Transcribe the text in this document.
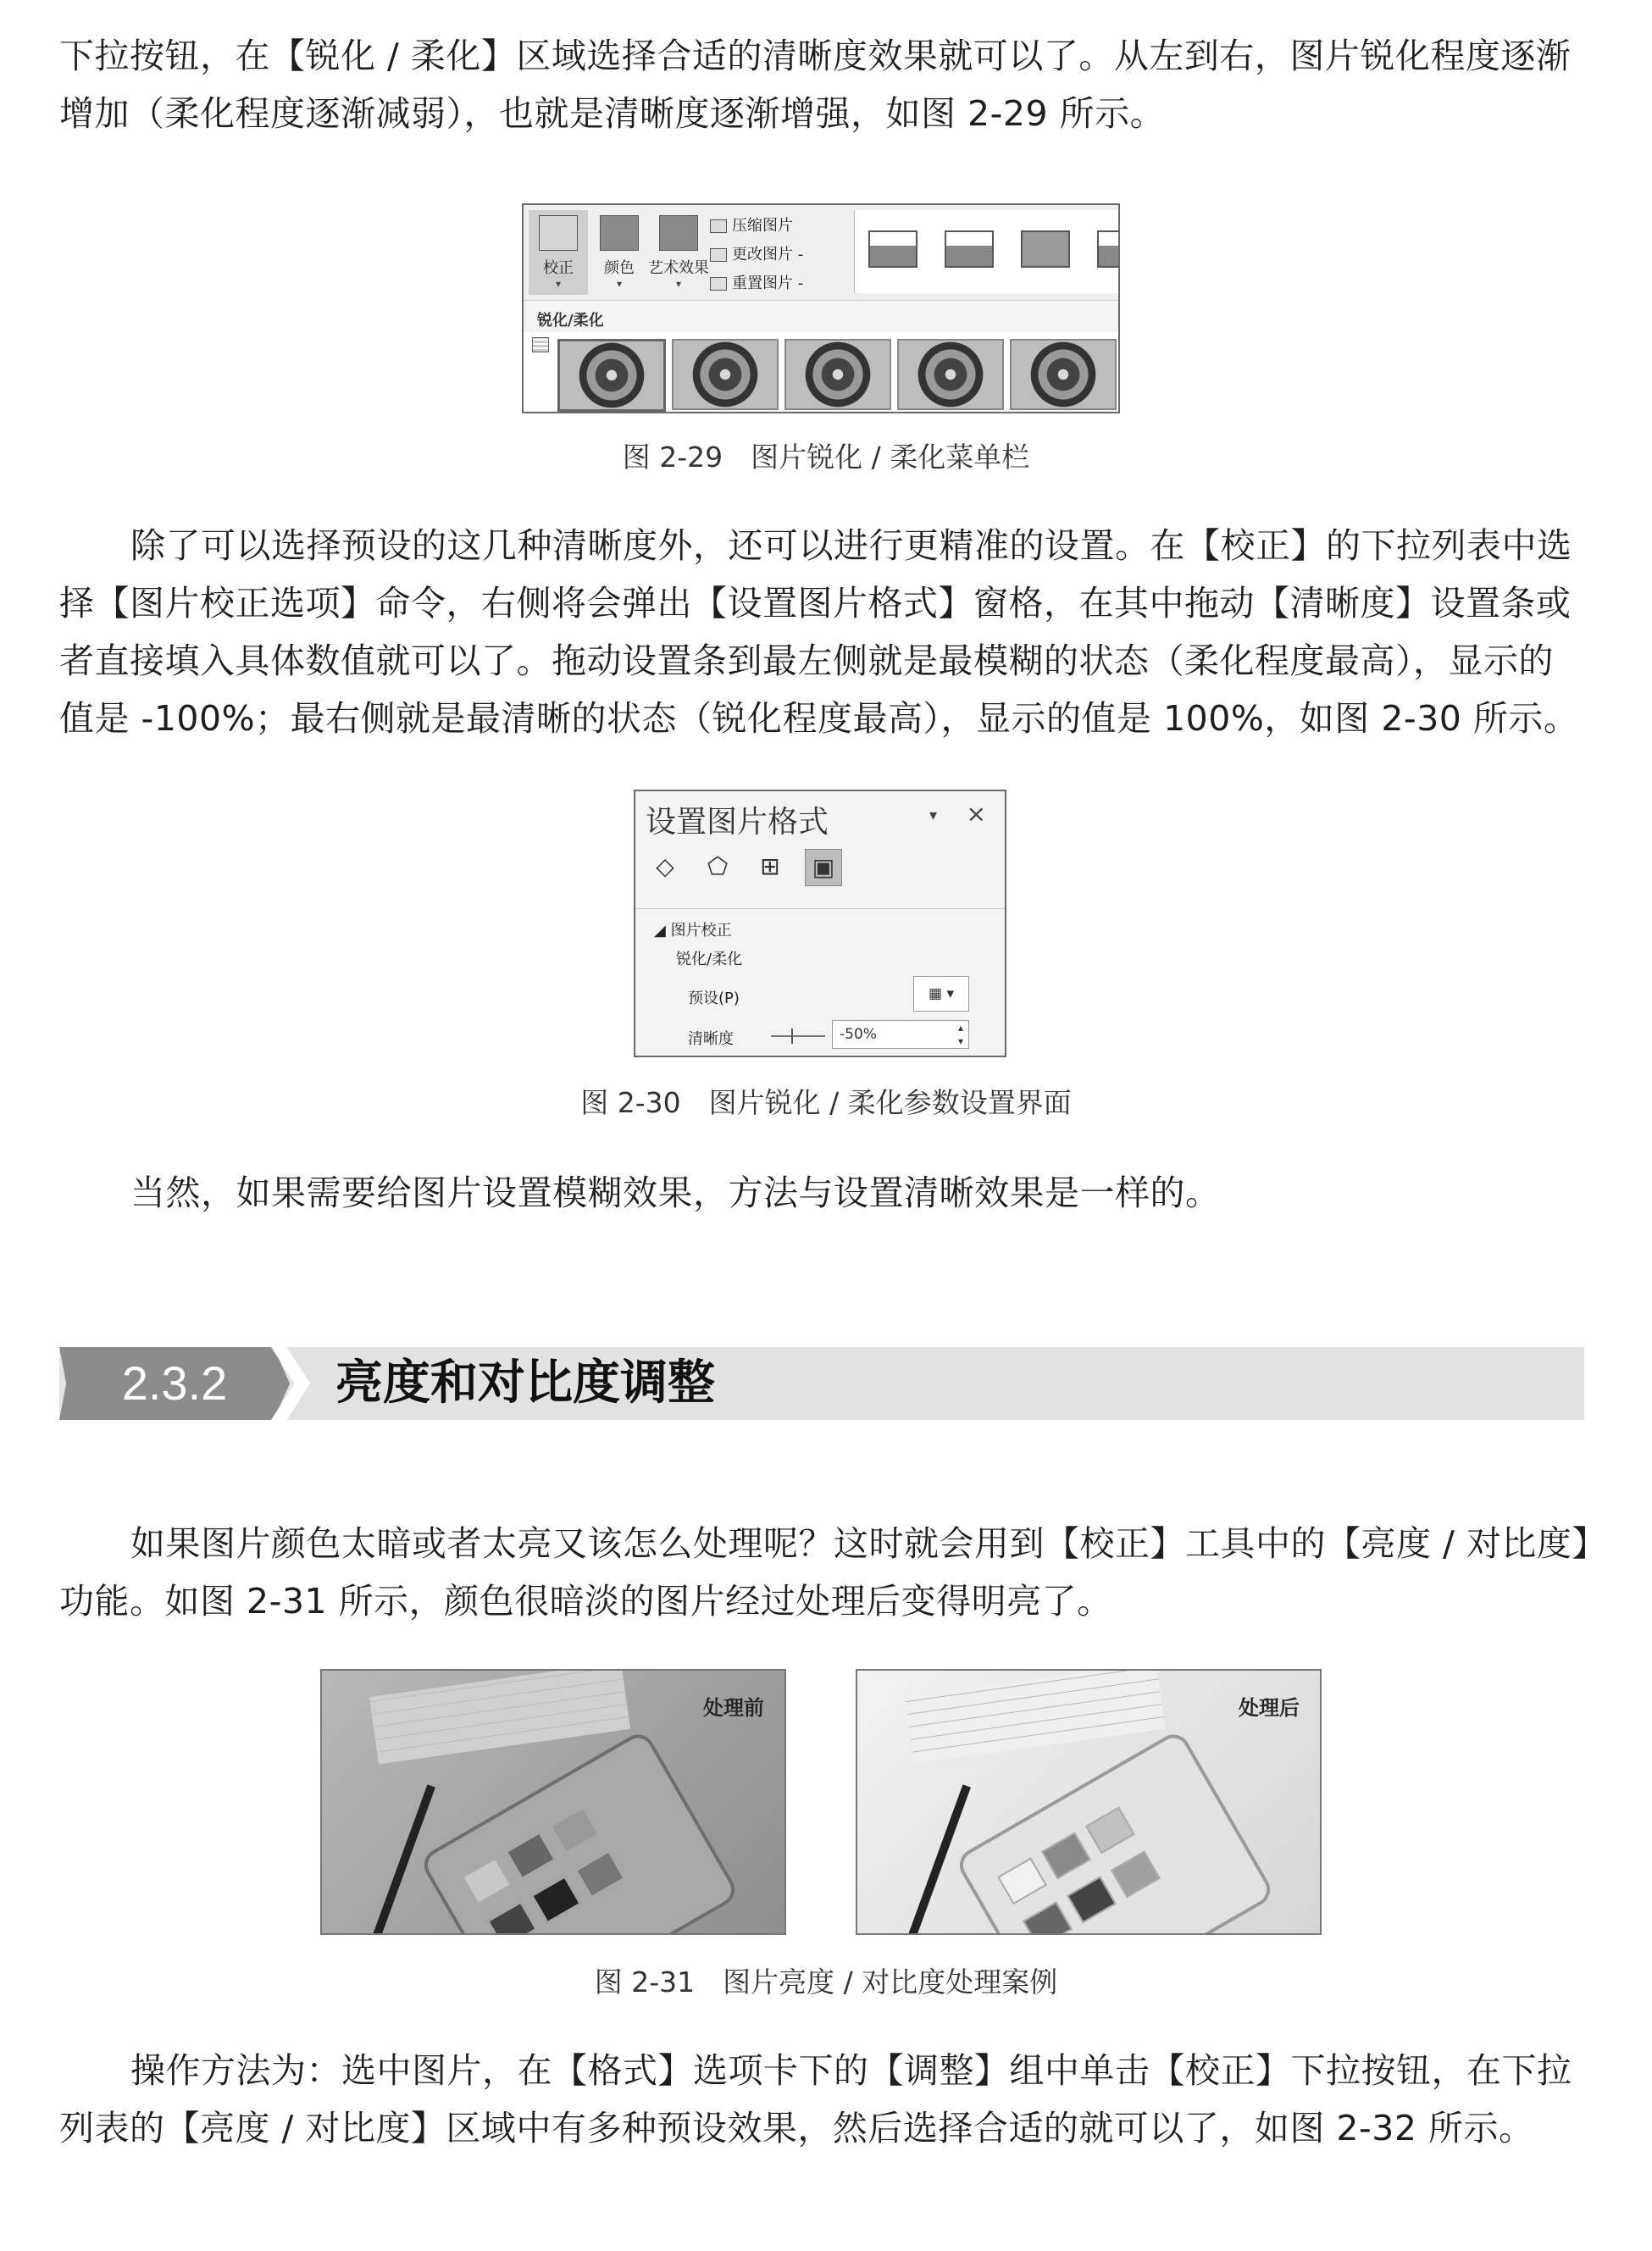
下拉按钮，在【锐化 / 柔化】区域选择合适的清晰度效果就可以了。从左到右，图片锐化程度逐渐
增加（柔化程度逐渐减弱），也就是清晰度逐渐增强，如图 2-29 所示。

校正
▾
颜色
▾
艺术效果
▾
压缩图片
更改图片 -
重置图片 -
锐化/柔化
图 2-29　图片锐化 / 柔化菜单栏

除了可以选择预设的这几种清晰度外，还可以进行更精准的设置。在【校正】的下拉列表中选
择【图片校正选项】命令，右侧将会弹出【设置图片格式】窗格，在其中拖动【清晰度】设置条或
者直接填入具体数值就可以了。拖动设置条到最左侧就是最模糊的状态（柔化程度最高），显示的
值是 -100%；最右侧就是最清晰的状态（锐化程度最高），显示的值是 100%，如图 2-30 所示。

设置图片格式	▾ ×
◇	⬠	⊞	▣
◢ 图片校正
锐化/柔化
预设(P)	▦ ▾
清晰度	-50%	▴
▾
图 2-30　图片锐化 / 柔化参数设置界面

当然，如果需要给图片设置模糊效果，方法与设置清晰效果是一样的。

2.3.2	亮度和对比度调整

如果图片颜色太暗或者太亮又该怎么处理呢？这时就会用到【校正】工具中的【亮度 / 对比度】
功能。如图 2-31 所示，颜色很暗淡的图片经过处理后变得明亮了。

处理前	处理后
图 2-31　图片亮度 / 对比度处理案例

操作方法为：选中图片，在【格式】选项卡下的【调整】组中单击【校正】下拉按钮，在下拉
列表的【亮度 / 对比度】区域中有多种预设效果，然后选择合适的就可以了，如图 2-32 所示。
